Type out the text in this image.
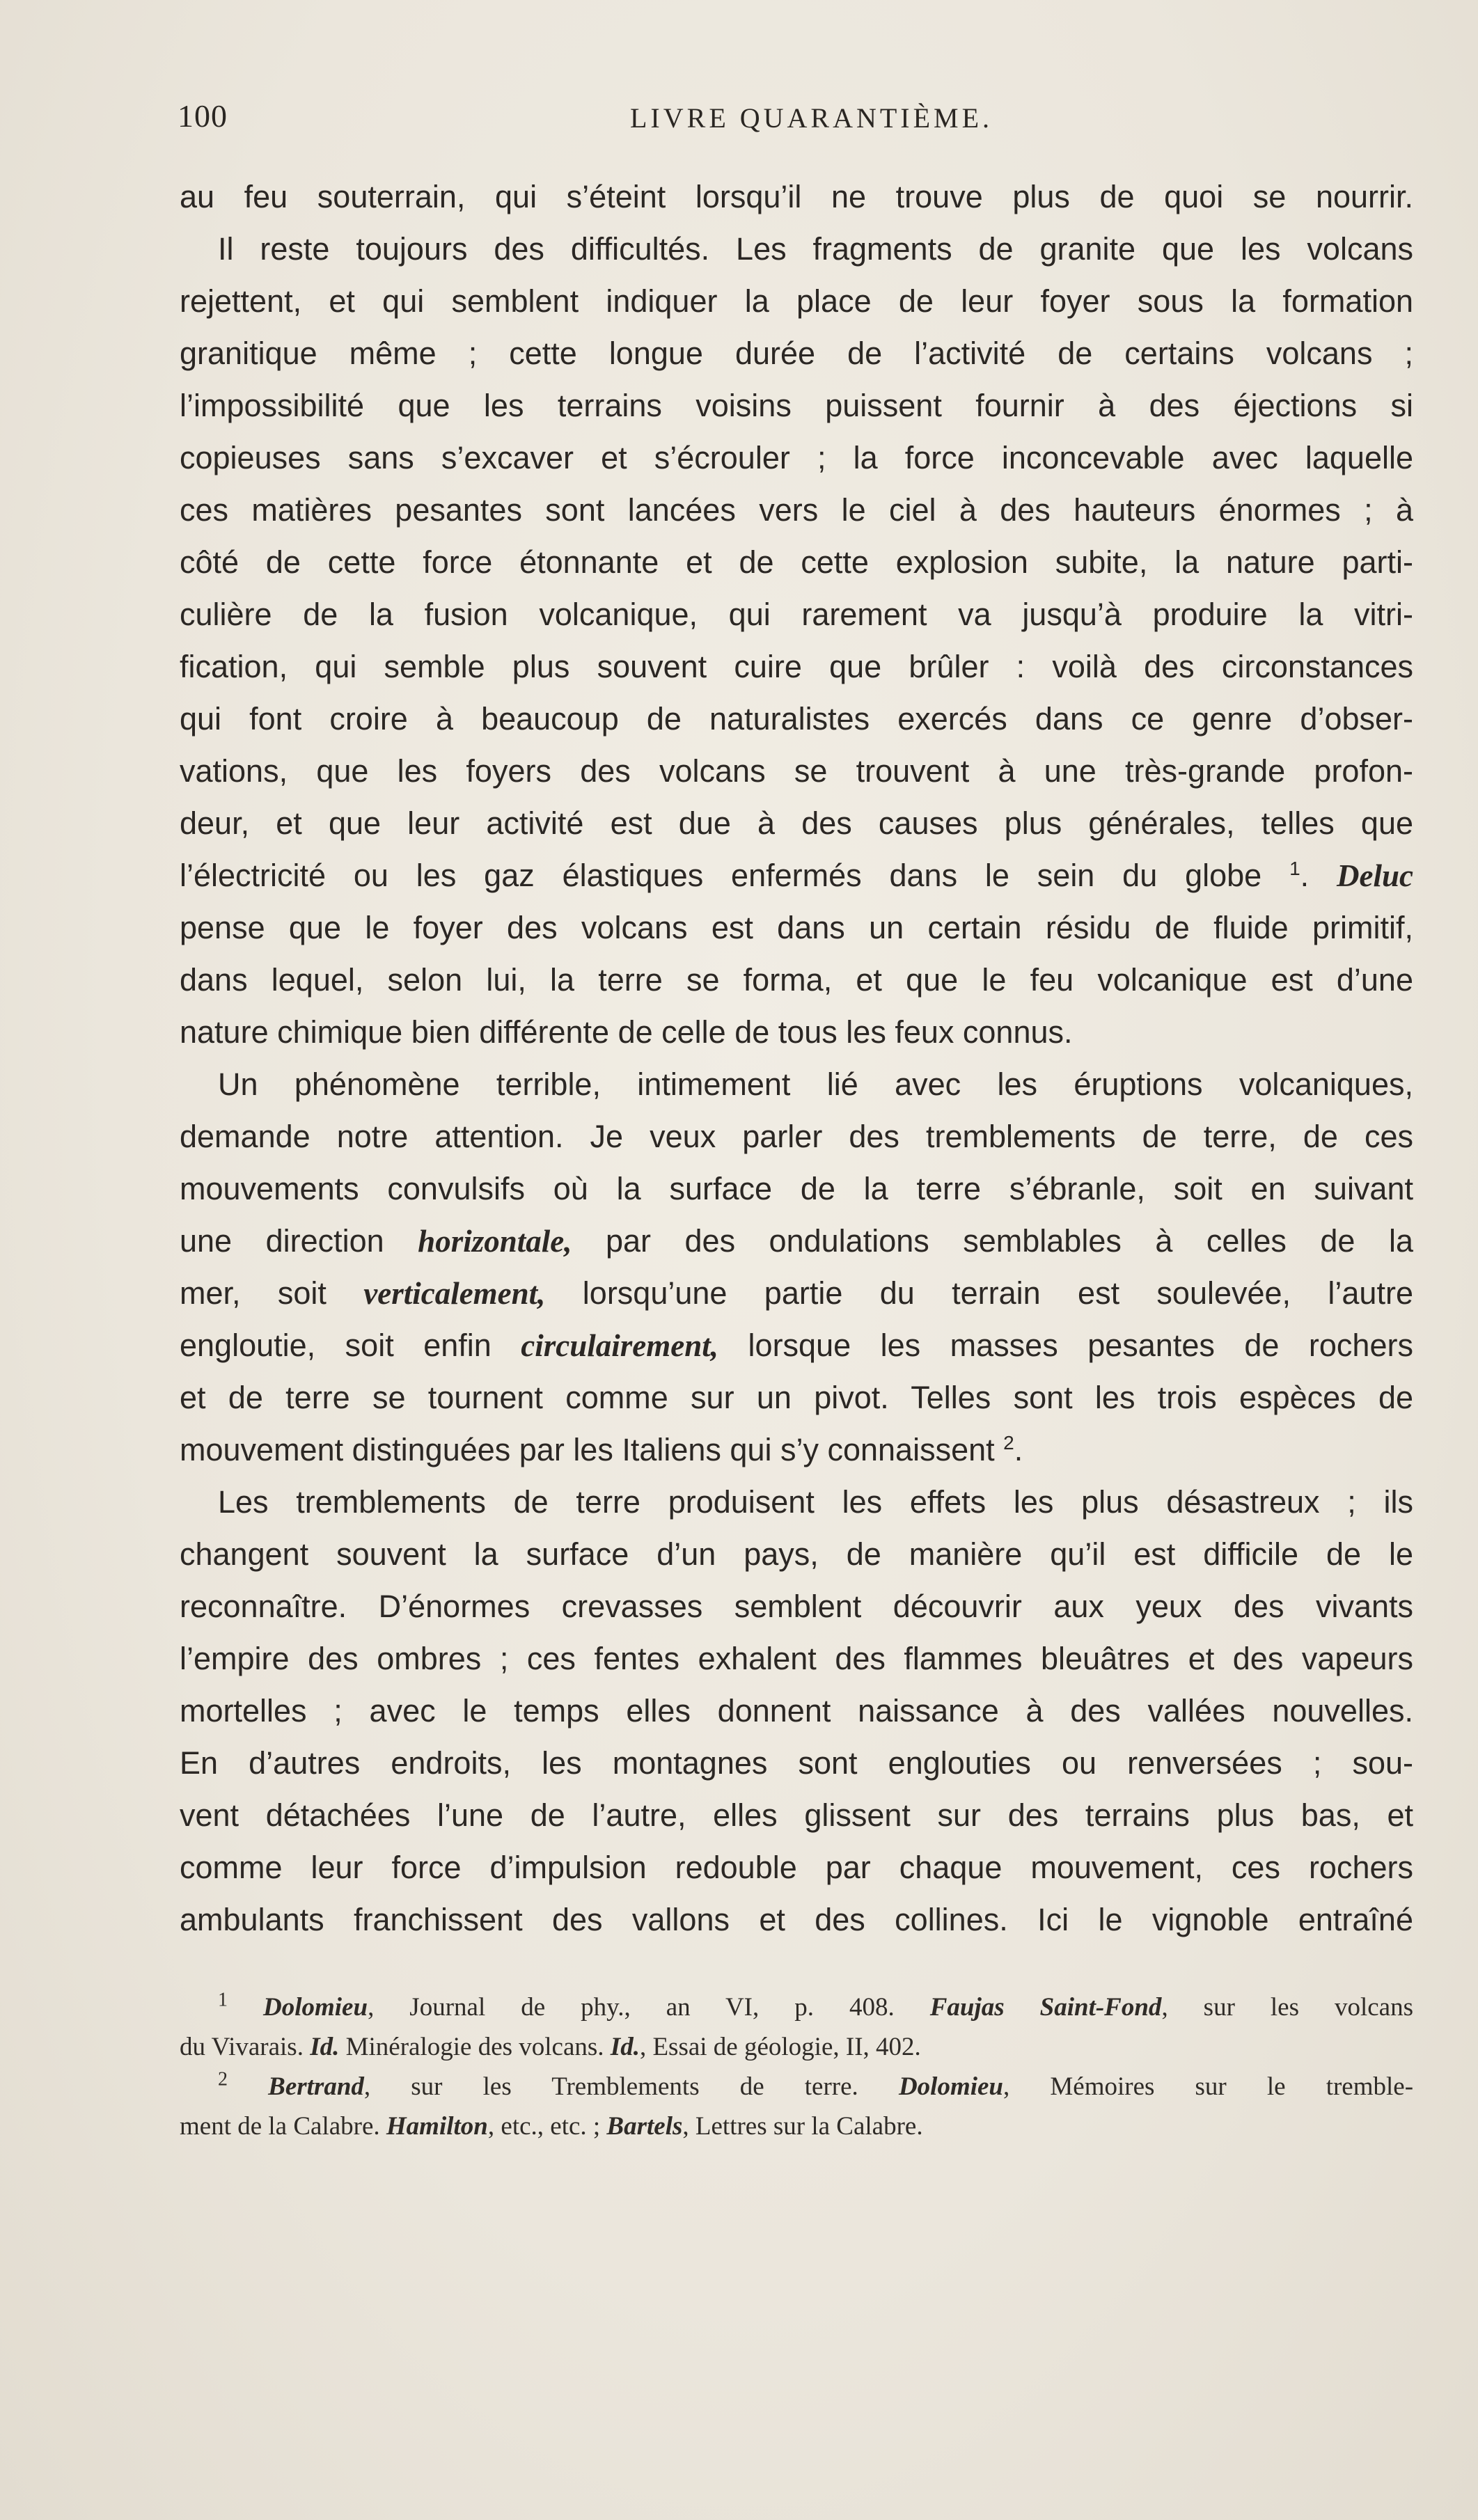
100	LIVRE QUARANTIÈME.
au feu souterrain, qui s’éteint lorsqu’il ne trouve plus de quoi se nourrir.
Il reste toujours des difficultés. Les fragments de granite que les volcans
rejettent, et qui semblent indiquer la place de leur foyer sous la formation
granitique même ; cette longue durée de l’activité de certains volcans ;
l’impossibilité que les terrains voisins puissent fournir à des éjections si
copieuses sans s’excaver et s’écrouler ; la force inconcevable avec laquelle
ces matières pesantes sont lancées vers le ciel à des hauteurs énormes ; à
côté de cette force étonnante et de cette explosion subite, la nature parti-
culière de la fusion volcanique, qui rarement va jusqu’à produire la vitri-
fication, qui semble plus souvent cuire que brûler : voilà des circonstances
qui font croire à beaucoup de naturalistes exercés dans ce genre d’obser-
vations, que les foyers des volcans se trouvent à une très-grande profon-
deur, et que leur activité est due à des causes plus générales, telles que
l’électricité ou les gaz élastiques enfermés dans le sein du globe $^1$. Deluc
pense que le foyer des volcans est dans un certain résidu de fluide primitif,
dans lequel, selon lui, la terre se forma, et que le feu volcanique est d’une
nature chimique bien différente de celle de tous les feux connus.
Un phénomène terrible, intimement lié avec les éruptions volcaniques,
demande notre attention. Je veux parler des tremblements de terre, de ces
mouvements convulsifs où la surface de la terre s’ébranle, soit en suivant
une direction horizontale, par des ondulations semblables à celles de la
mer, soit verticalement, lorsqu’une partie du terrain est soulevée, l’autre
engloutie, soit enfin circulairement, lorsque les masses pesantes de rochers
et de terre se tournent comme sur un pivot. Telles sont les trois espèces de
mouvement distinguées par les Italiens qui s’y connaissent $^2$.
Les tremblements de terre produisent les effets les plus désastreux ; ils
changent souvent la surface d’un pays, de manière qu’il est difficile de le
reconnaître. D’énormes crevasses semblent découvrir aux yeux des vivants
l’empire des ombres ; ces fentes exhalent des flammes bleuâtres et des vapeurs
mortelles ; avec le temps elles donnent naissance à des vallées nouvelles.
En d’autres endroits, les montagnes sont englouties ou renversées ; sou-
vent détachées l’une de l’autre, elles glissent sur des terrains plus bas, et
comme leur force d’impulsion redouble par chaque mouvement, ces rochers
ambulants franchissent des vallons et des collines. Ici le vignoble entraîné
$^1$ Dolomieu, Journal de phy., an VI, p. 408. Faujas Saint-Fond, sur les volcans
du Vivarais. Id. Minéralogie des volcans. Id., Essai de géologie, II, 402.
$^2$ Bertrand, sur les Tremblements de terre. Dolomieu, Mémoires sur le tremble-
ment de la Calabre. Hamilton, etc., etc. ; Bartels, Lettres sur la Calabre.
